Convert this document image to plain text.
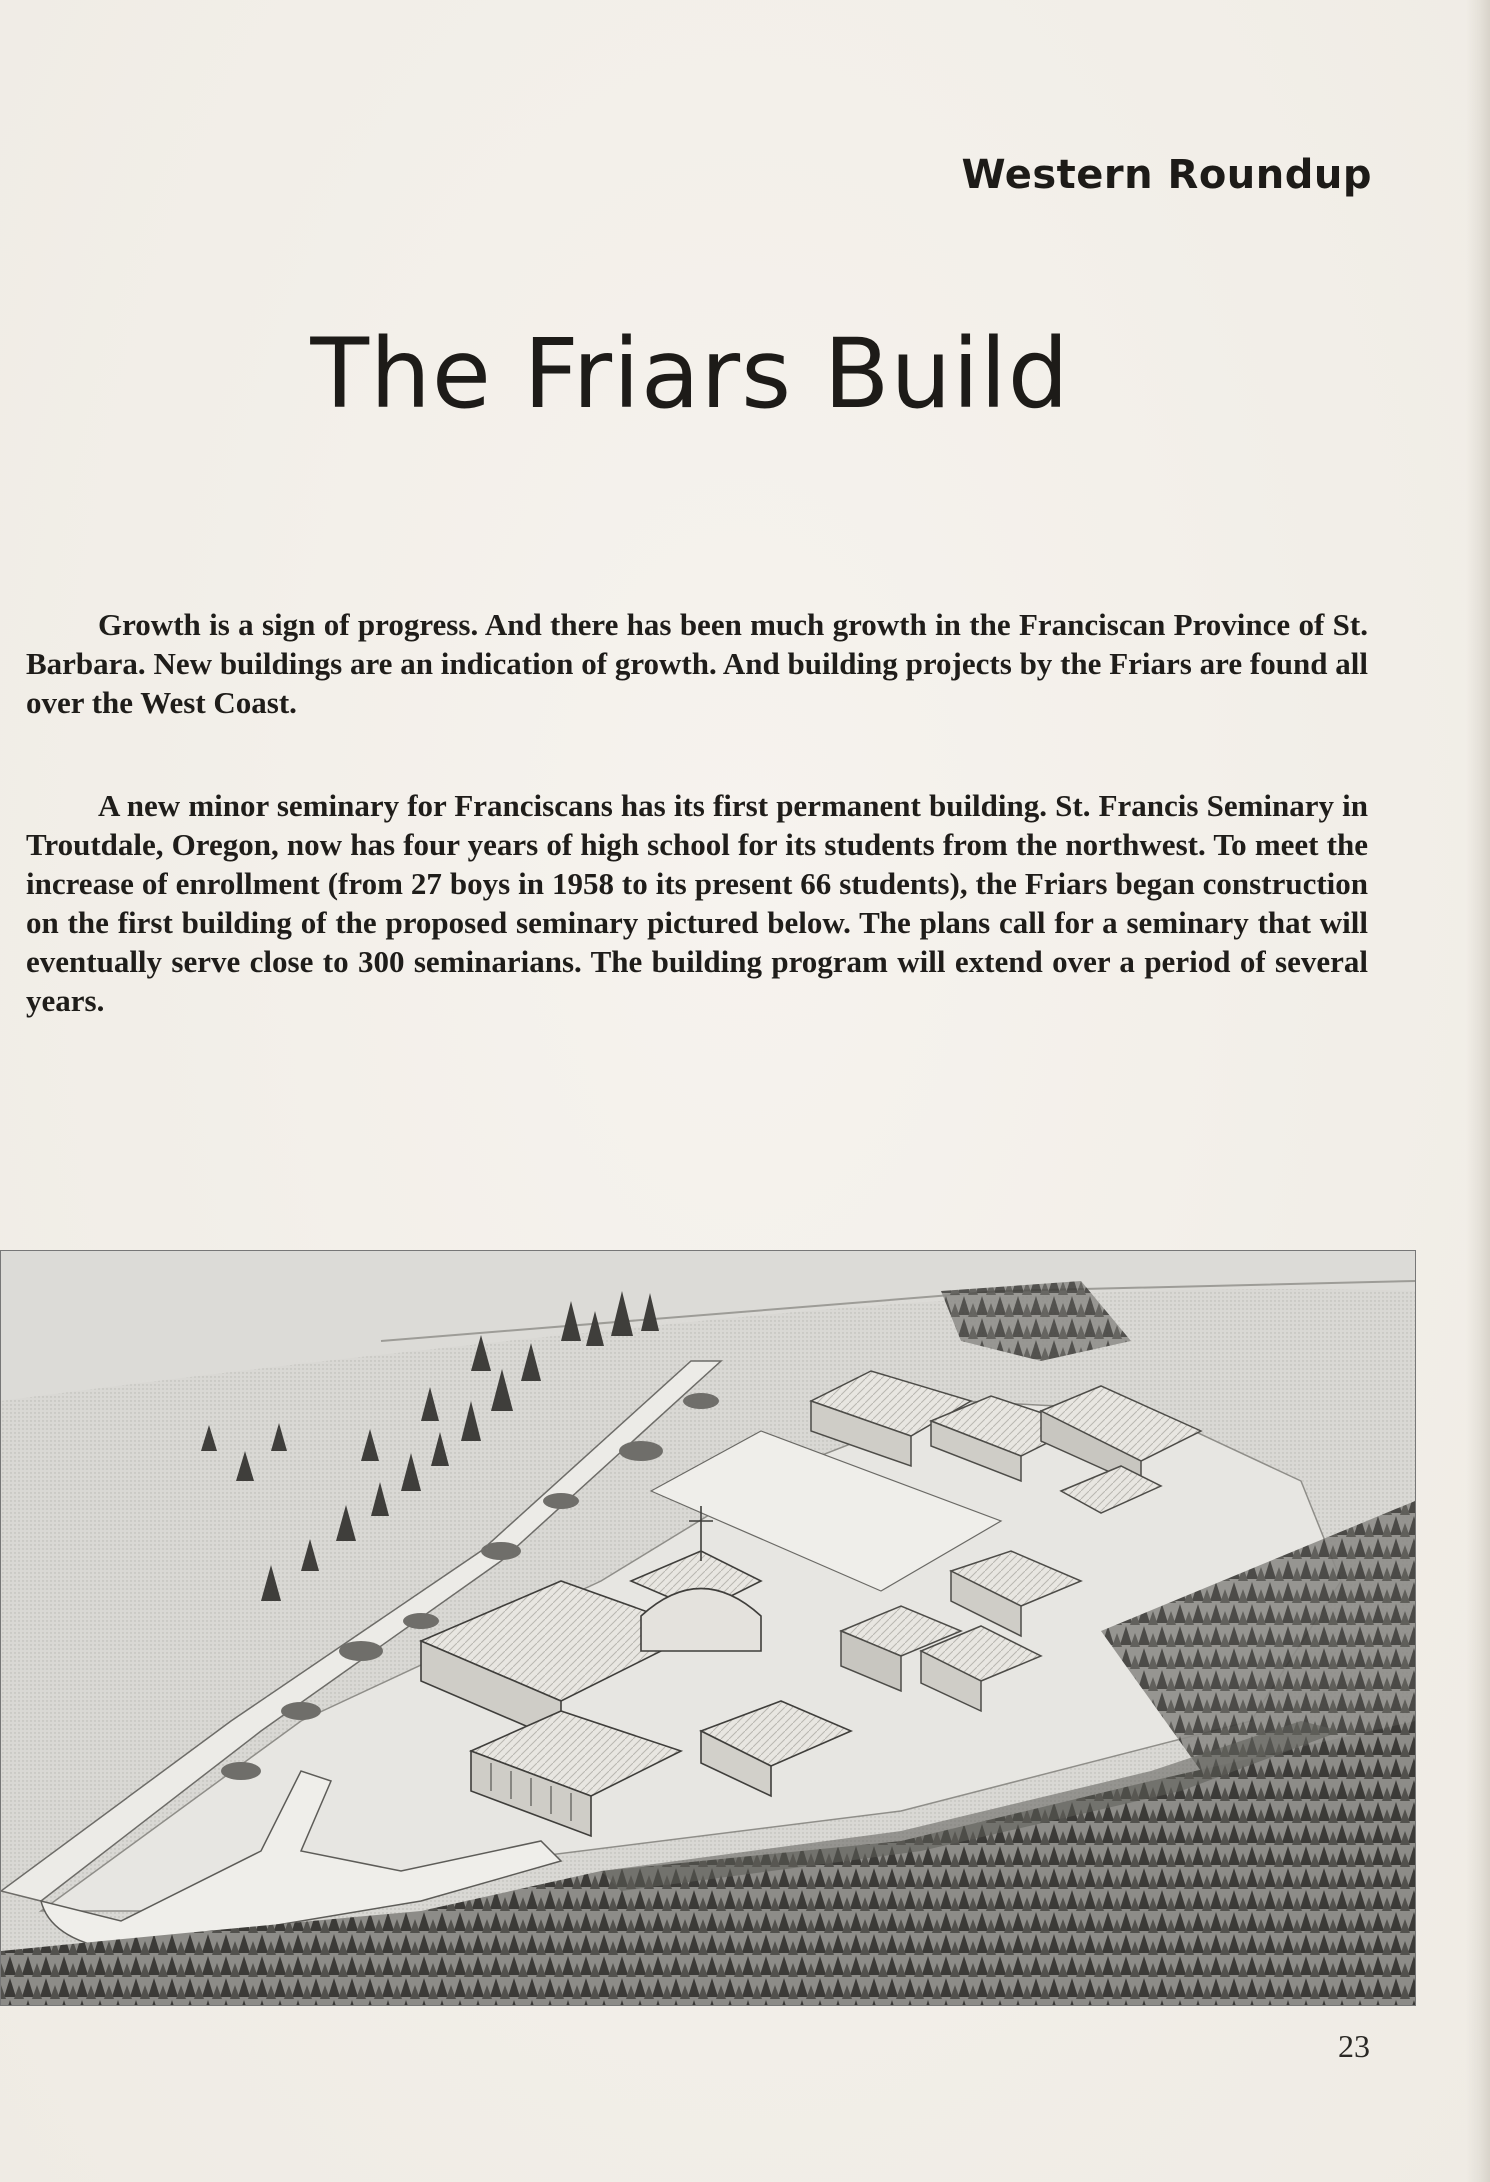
Western Roundup
The Friars Build

Growth is a sign of progress. And there has been much growth in the Franciscan Province of St. Barbara. New buildings are an indication of growth. And building projects by the Friars are found all over the West Coast.

A new minor seminary for Franciscans has its first permanent building. St. Francis Seminary in Troutdale, Oregon, now has four years of high school for its students from the northwest. To meet the increase of enrollment (from 27 boys in 1958 to its present 66 students), the Friars began construction on the first building of the proposed seminary pictured below. The plans call for a seminary that will eventually serve close to 300 seminarians. The building program will extend over a period of several years.

23
